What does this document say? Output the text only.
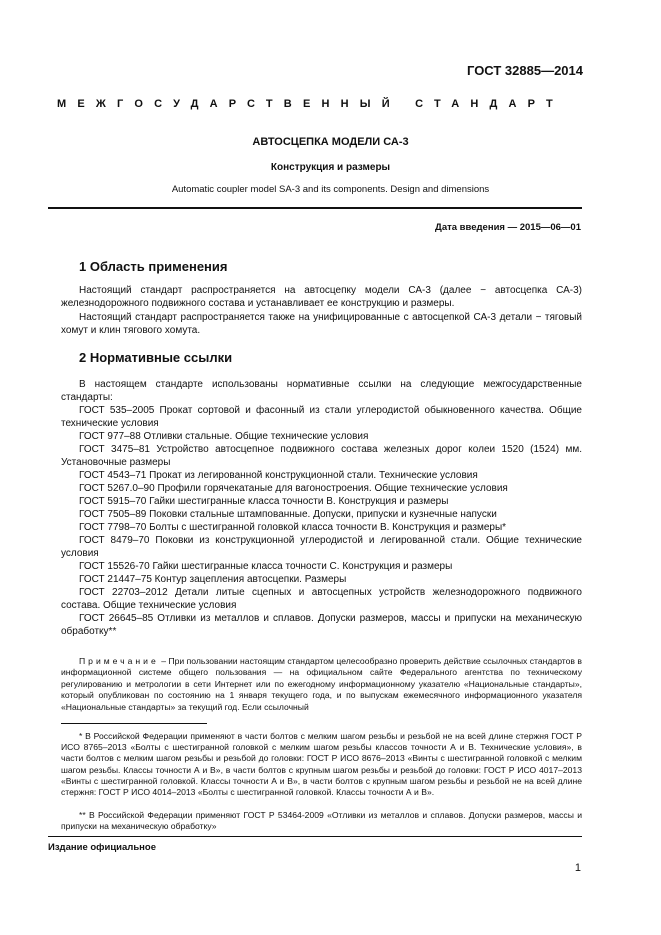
ГОСТ 32885—2014
МЕЖГОСУДАРСТВЕННЫЙ СТАНДАРТ
АВТОСЦЕПКА МОДЕЛИ СА-3
Конструкция и размеры
Automatic coupler model SA-3 and its components. Design and dimensions
Дата введения — 2015—06—01
1 Область применения

Настоящий стандарт распространяется на автосцепку модели СА-3 (далее − автосцепка СА-3) железнодорожного подвижного состава и устанавливает ее конструкцию и размеры.

Настоящий стандарт распространяется также на унифицированные с автосцепкой СА-3 детали − тяговый хомут и клин тягового хомута.

2 Нормативные ссылки

В настоящем стандарте использованы нормативные ссылки на следующие межгосударственные стандарты:

ГОСТ 535–2005 Прокат сортовой и фасонный из стали углеродистой обыкновенного качества. Общие технические условия

ГОСТ 977–88 Отливки стальные. Общие технические условия

ГОСТ 3475–81 Устройство автосцепное подвижного состава железных дорог колеи 1520 (1524) мм. Установочные размеры

ГОСТ 4543–71 Прокат из легированной конструкционной стали. Технические условия

ГОСТ 5267.0–90 Профили горячекатаные для вагоностроения. Общие технические условия

ГОСТ 5915–70 Гайки шестигранные класса точности В. Конструкция и размеры

ГОСТ 7505–89 Поковки стальные штампованные. Допуски, припуски и кузнечные напуски

ГОСТ 7798–70 Болты с шестигранной головкой класса точности В. Конструкция и размеры*

ГОСТ 8479–70 Поковки из конструкционной углеродистой и легированной стали. Общие технические условия

ГОСТ 15526-70 Гайки шестигранные класса точности С. Конструкция и размеры

ГОСТ 21447–75 Контур зацепления автосцепки. Размеры

ГОСТ 22703–2012 Детали литые сцепных и автосцепных устройств железнодорожного подвижного состава. Общие технические условия

ГОСТ 26645–85 Отливки из металлов и сплавов. Допуски размеров, массы и припуски на механическую обработку**

Примечание – При пользовании настоящим стандартом целесообразно проверить действие ссылочных стандартов в информационной системе общего пользования — на официальном сайте Федерального агентства по техническому регулированию и метрологии в сети Интернет или по ежегодному информационному указателю «Национальные стандарты», который опубликован по состоянию на 1 января текущего года, и по выпускам ежемесячного информационного указателя «Национальные стандарты» за текущий год. Если ссылочный

* В Российской Федерации применяют в части болтов с мелким шагом резьбы и резьбой не на всей длине стержня ГОСТ Р ИСО 8765–2013 «Болты с шестигранной головкой с мелким шагом резьбы классов точности А и В. Технические условия», в части болтов с мелким шагом резьбы и резьбой до головки: ГОСТ Р ИСО 8676–2013 «Винты с шестигранной головкой с мелким шагом резьбы. Классы точности А и В», в части болтов с крупным шагом резьбы и резьбой до головки: ГОСТ Р ИСО 4017–2013 «Винты с шестигранной головкой. Классы точности А и В», в части болтов с крупным шагом резьбы и резьбой не на всей длине стержня: ГОСТ Р ИСО 4014–2013 «Болты с шестигранной головкой. Классы точности А и В».

** В Российской Федерации применяют ГОСТ Р 53464-2009 «Отливки из металлов и сплавов. Допуски размеров, массы и припуски на механическую обработку»

Издание официальное
1
